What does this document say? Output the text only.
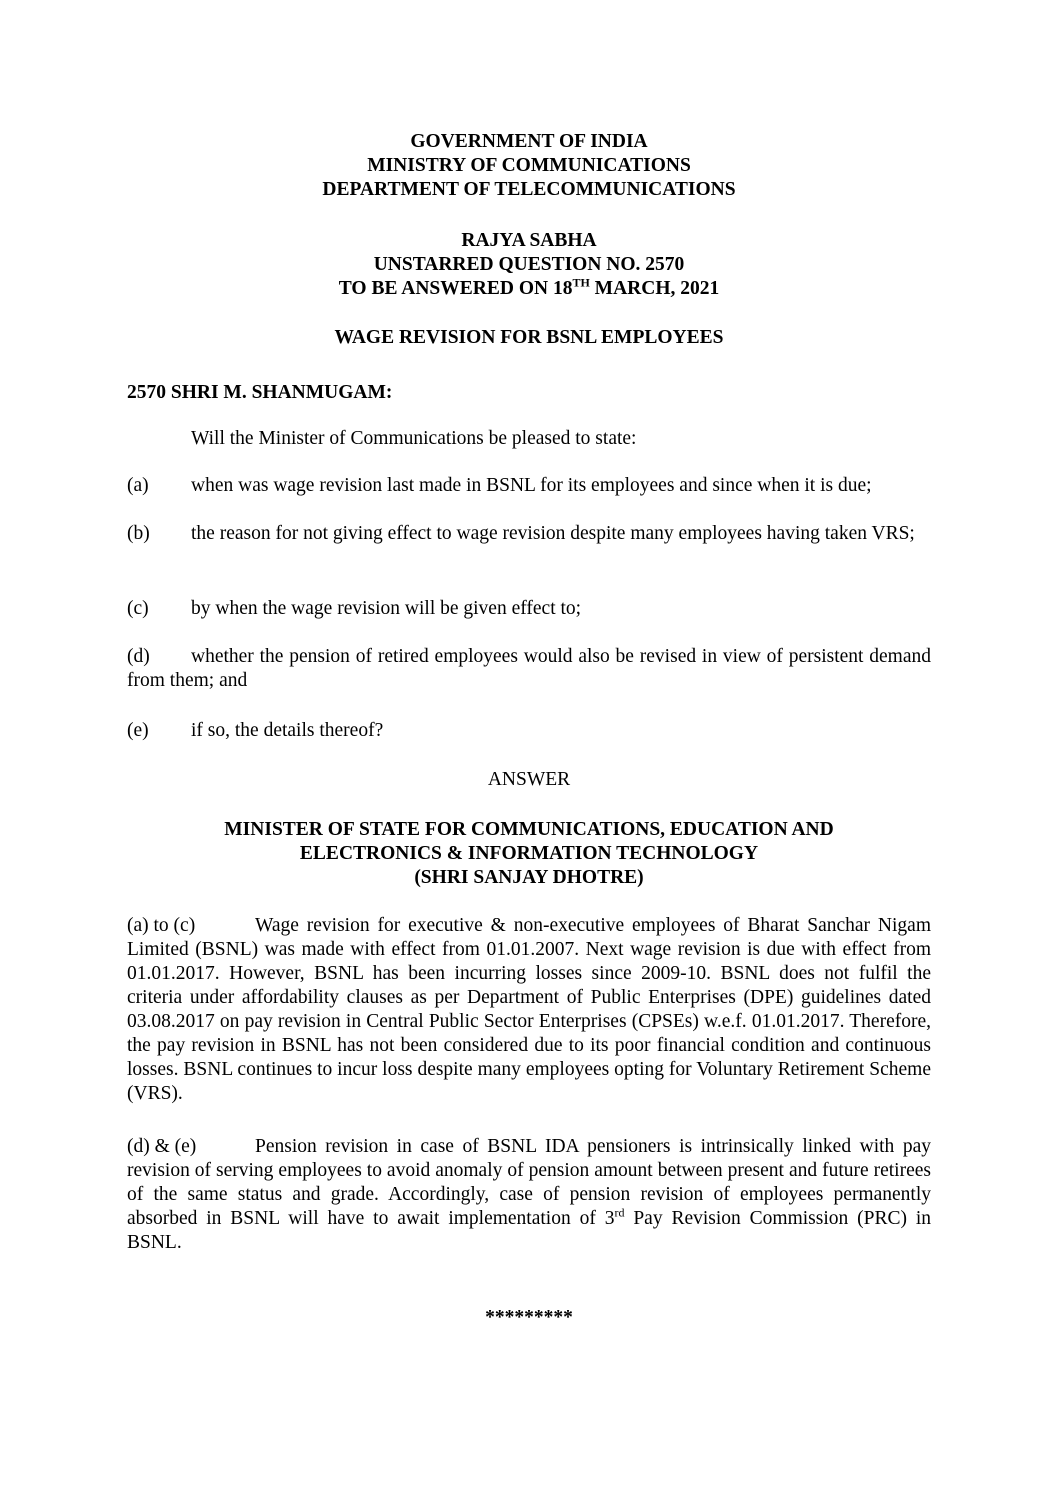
GOVERNMENT OF INDIA
MINISTRY OF COMMUNICATIONS
DEPARTMENT OF TELECOMMUNICATIONS
RAJYA SABHA
UNSTARRED QUESTION NO. 2570
TO BE ANSWERED ON 18TH MARCH, 2021
WAGE REVISION FOR BSNL EMPLOYEES
2570 SHRI M. SHANMUGAM:
Will the Minister of Communications be pleased to state:
(a) when was wage revision last made in BSNL for its employees and since when it is due;
(b) the reason for not giving effect to wage revision despite many employees having taken VRS;
(c) by when the wage revision will be given effect to;
(d) whether the pension of retired employees would also be revised in view of persistent demand from them; and
(e) if so, the details thereof?
ANSWER
MINISTER OF STATE FOR COMMUNICATIONS, EDUCATION AND
ELECTRONICS & INFORMATION TECHNOLOGY
(SHRI SANJAY DHOTRE)
(a) to (c)	Wage revision for executive & non-executive employees of Bharat Sanchar Nigam Limited (BSNL) was made with effect from 01.01.2007. Next wage revision is due with effect from 01.01.2017. However, BSNL has been incurring losses since 2009-10. BSNL does not fulfil the criteria under affordability clauses as per Department of Public Enterprises (DPE) guidelines dated 03.08.2017 on pay revision in Central Public Sector Enterprises (CPSEs) w.e.f. 01.01.2017. Therefore, the pay revision in BSNL has not been considered due to its poor financial condition and continuous losses. BSNL continues to incur loss despite many employees opting for Voluntary Retirement Scheme (VRS).
(d) & (e)	Pension revision in case of BSNL IDA pensioners is intrinsically linked with pay revision of serving employees to avoid anomaly of pension amount between present and future retirees of the same status and grade. Accordingly, case of pension revision of employees permanently absorbed in BSNL will have to await implementation of 3rd Pay Revision Commission (PRC) in BSNL.
*********
